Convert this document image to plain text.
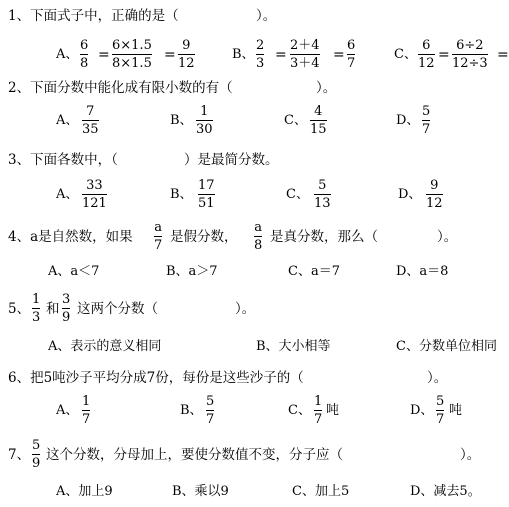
1、下面式子中，正确的是（	）。
A、
6
8
=
6×1.5
8×1.5
=
9
12
B、
2
3
=
2＋4
3＋4
=
6
7
C、
6
12
=
6÷2
12÷3
=
2、下面分数中能化成有限小数的有（	）。
A、
7
35
B、
1
30
C、
4
15
D、
5
7
3、下面各数中，（	）是最简分数。
A、
33
121
B、
17
51
C、
5
13
D、
9
12
4、a是自然数，如果
a
7
是假分数，
a
8
是真分数，那么（	）。
A、a＜7	B、a＞7	C、a＝7	D、a＝8
5、
1
3
和
3
9
这两个分数（	）。
A、表示的意义相同	B、大小相等	C、分数单位相同
6、把5吨沙子平均分成7份，每份是这些沙子的（	）。
A、
1
7
B、
5
7
C、
1
7
吨	D、
5
7
吨
7、
5
9
这个分数，分母加上，要使分数值不变，分子应（	）。
A、加上9	B、乘以9	C、加上5	D、减去5。
